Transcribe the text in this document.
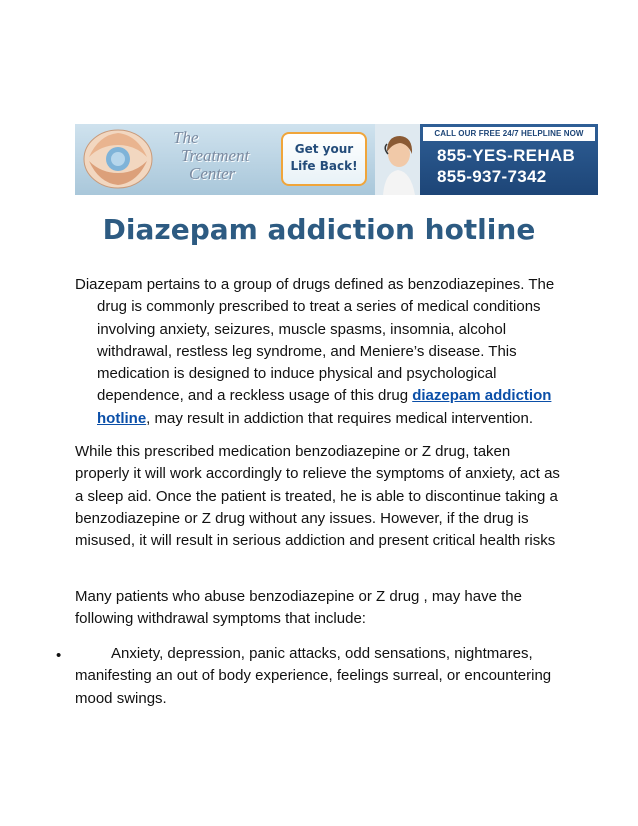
The
Treatment
Center
Get your
Life Back!
CALL OUR FREE 24/7 HELPLINE NOW
855-YES-REHAB
855-937-7342
Diazepam addiction hotline

Diazepam pertains to a group of drugs defined as benzodiazepines. The
drug is commonly prescribed to treat a series of medical conditions involving anxiety, seizures, muscle spasms, insomnia, alcohol withdrawal, restless leg syndrome, and Meniere’s disease. This medication is designed to induce physical and psychological dependence, and a reckless usage of this drug diazepam addiction hotline, may result in addiction that requires medical intervention.

While this prescribed medication benzodiazepine or Z drug, taken properly it will work accordingly to relieve the symptoms of anxiety, act as a sleep aid. Once the patient is treated, he is able to discontinue taking a benzodiazepine or Z drug without any issues. However, if the drug is misused, it will result in serious addiction and present critical health risks

Many patients who abuse benzodiazepine or Z drug , may have the following withdrawal symptoms that include:

•	Anxiety, depression, panic attacks, odd sensations, nightmares, manifesting an out of body experience, feelings surreal, or encountering mood swings.
